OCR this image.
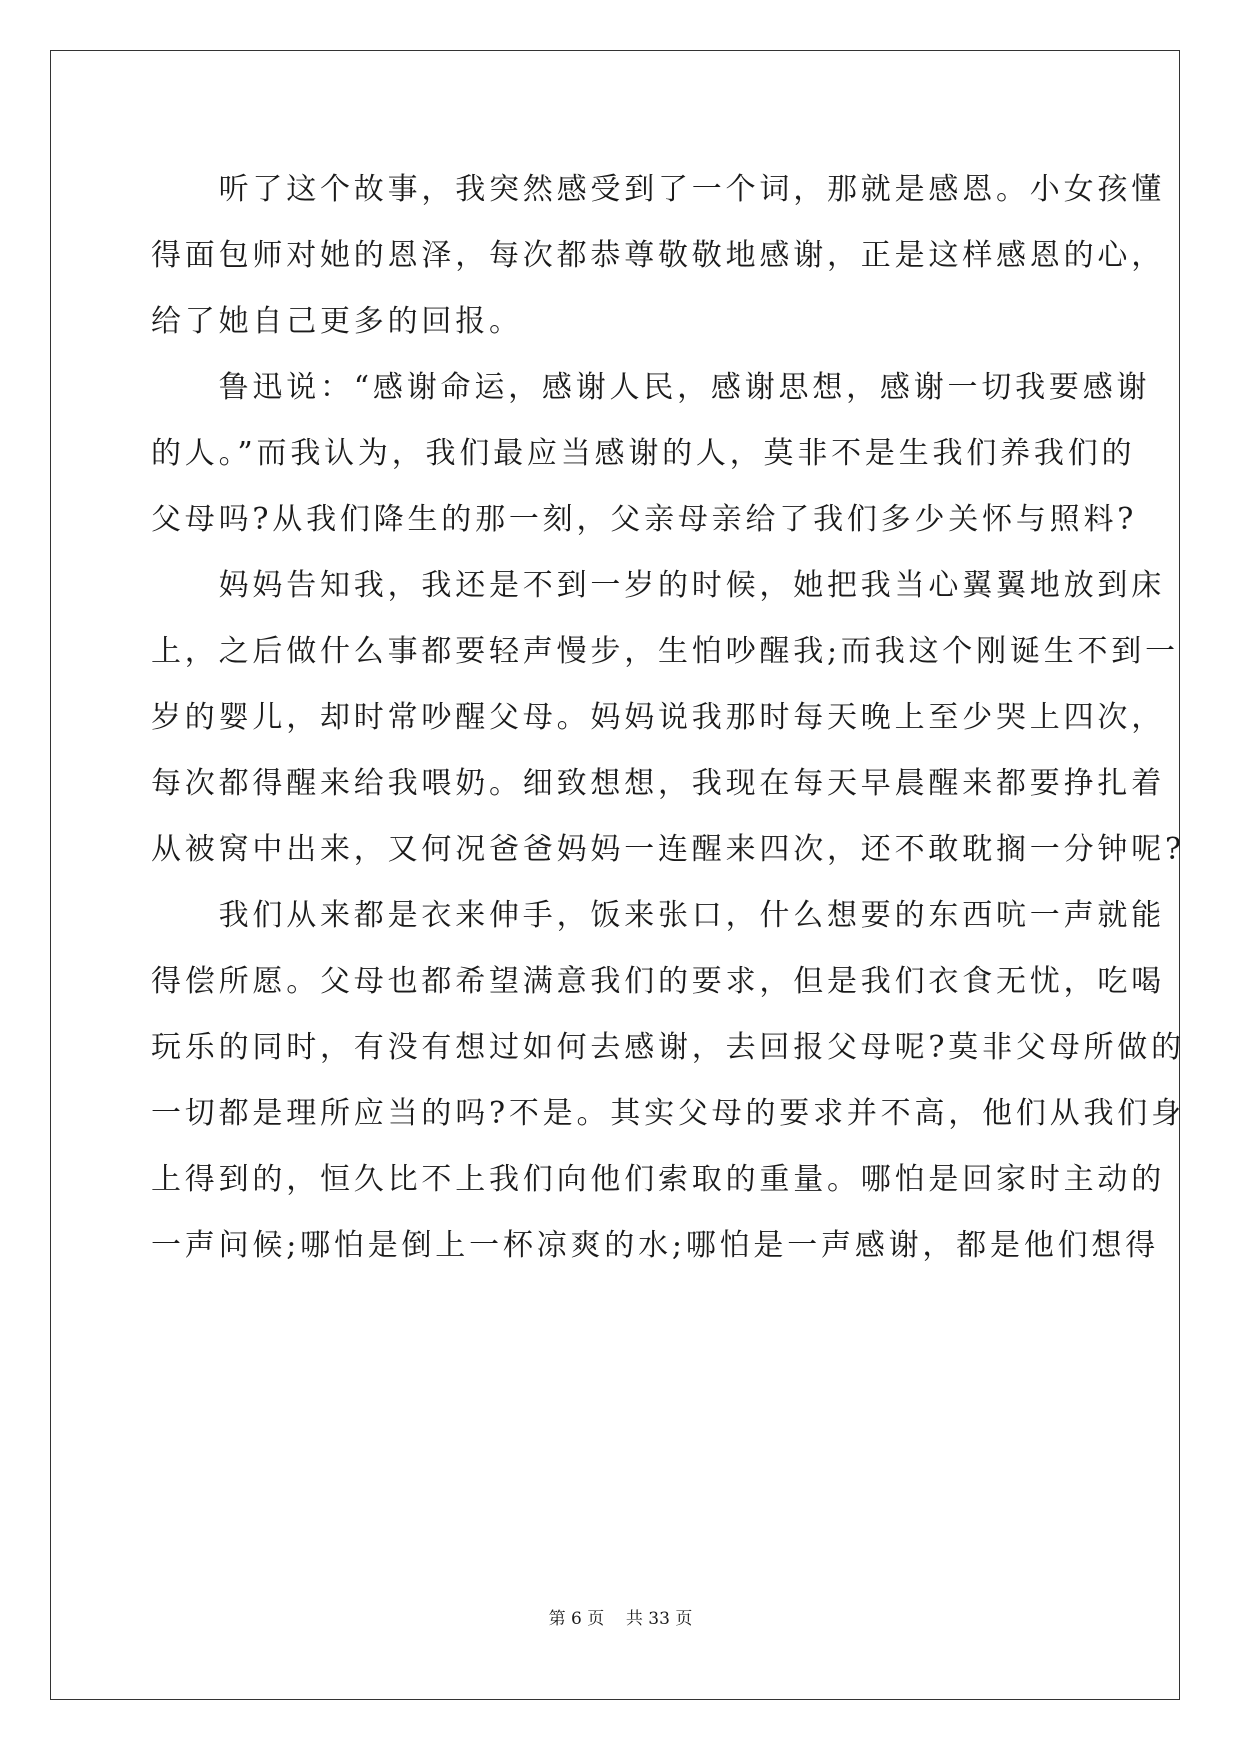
　　听了这个故事，我突然感受到了一个词，那就是感恩。小女孩懂
得面包师对她的恩泽，每次都恭尊敬敬地感谢，正是这样感恩的心，
给了她自己更多的回报。
　　鲁迅说：“感谢命运，感谢人民，感谢思想，感谢一切我要感谢
的人。”而我认为，我们最应当感谢的人，莫非不是生我们养我们的
父母吗?从我们降生的那一刻，父亲母亲给了我们多少关怀与照料?
　　妈妈告知我，我还是不到一岁的时候，她把我当心翼翼地放到床
上，之后做什么事都要轻声慢步，生怕吵醒我;而我这个刚诞生不到一
岁的婴儿，却时常吵醒父母。妈妈说我那时每天晚上至少哭上四次，
每次都得醒来给我喂奶。细致想想，我现在每天早晨醒来都要挣扎着
从被窝中出来，又何况爸爸妈妈一连醒来四次，还不敢耽搁一分钟呢?
　　我们从来都是衣来伸手，饭来张口，什么想要的东西吭一声就能
得偿所愿。父母也都希望满意我们的要求，但是我们衣食无忧，吃喝
玩乐的同时，有没有想过如何去感谢，去回报父母呢?莫非父母所做的
一切都是理所应当的吗?不是。其实父母的要求并不高，他们从我们身
上得到的，恒久比不上我们向他们索取的重量。哪怕是回家时主动的
一声问候;哪怕是倒上一杯凉爽的水;哪怕是一声感谢，都是他们想得
第 6 页 共 33 页
